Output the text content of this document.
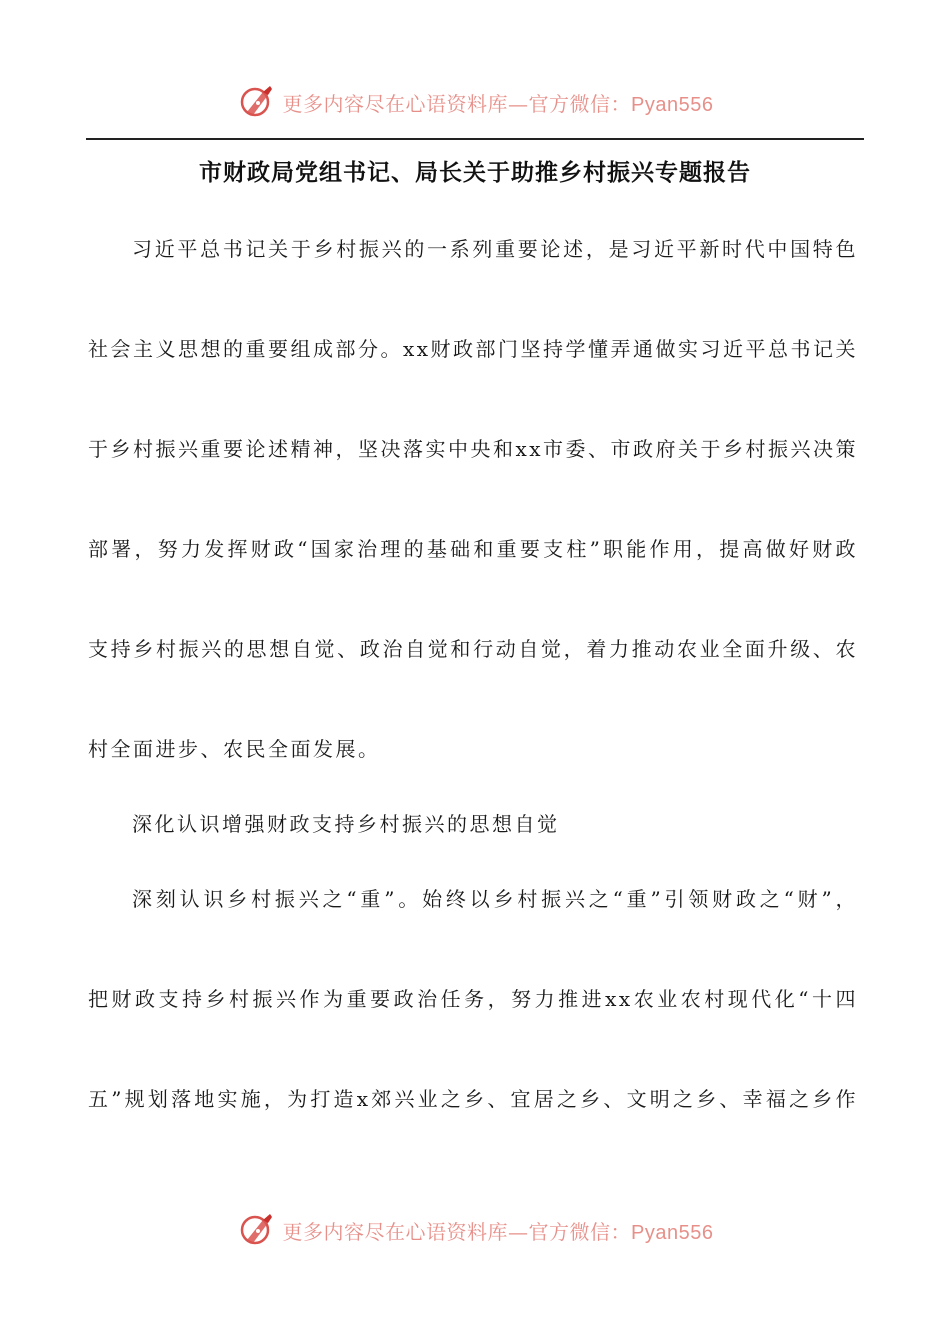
更多内容尽在心语资料库—官方微信：Pyan556
市财政局党组书记、局长关于助推乡村振兴专题报告
习近平总书记关于乡村振兴的一系列重要论述，是习近平新时代中国特色
社会主义思想的重要组成部分。xx财政部门坚持学懂弄通做实习近平总书记关
于乡村振兴重要论述精神，坚决落实中央和xx市委、市政府关于乡村振兴决策
部署，努力发挥财政“国家治理的基础和重要支柱”职能作用，提高做好财政
支持乡村振兴的思想自觉、政治自觉和行动自觉，着力推动农业全面升级、农
村全面进步、农民全面发展。
深化认识增强财政支持乡村振兴的思想自觉
深刻认识乡村振兴之“重”。始终以乡村振兴之“重”引领财政之“财”，
把财政支持乡村振兴作为重要政治任务，努力推进xx农业农村现代化“十四
五”规划落地实施，为打造x郊兴业之乡、宜居之乡、文明之乡、幸福之乡作
更多内容尽在心语资料库—官方微信：Pyan556
